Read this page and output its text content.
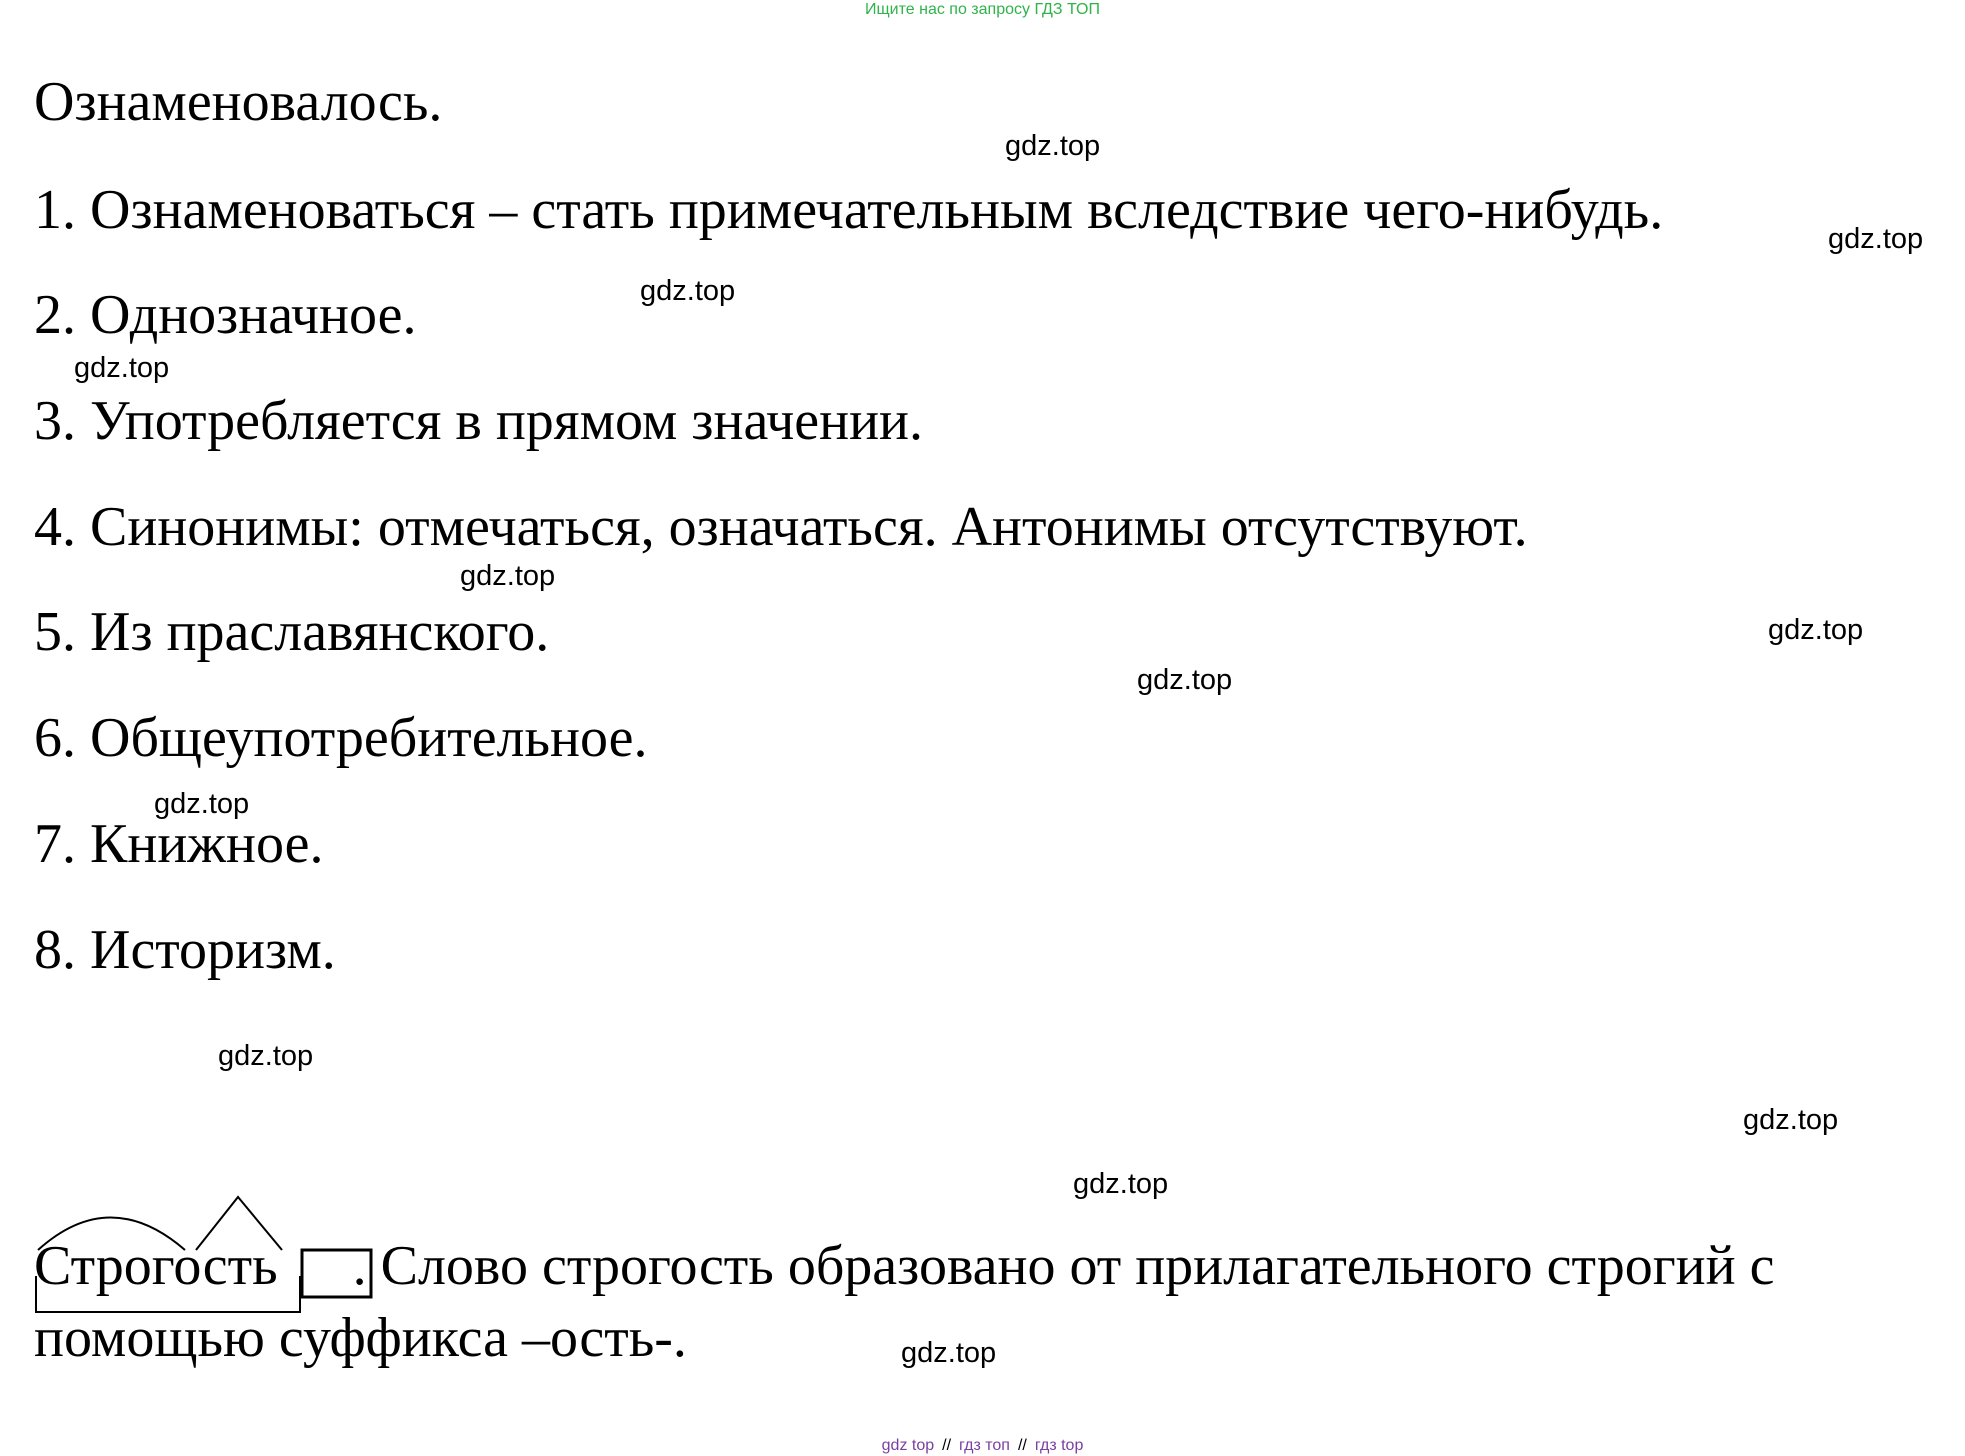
Ищите нас по запросу ГДЗ ТОП

Ознаменовалось.

1. Ознаменоваться – стать примечательным вследствие чего-нибудь.

2. Однозначное.

3. Употребляется в прямом значении.

4. Синонимы: отмечаться, означаться. Антонимы отсутствуют.

5. Из праславянского.

6. Общеупотребительное.

7. Книжное.

8. Историзм.

Строгость . Слово строгость образовано от прилагательного строгий с

помощью суффикса –ость-.

gdz.top
gdz.top
gdz.top
gdz.top
gdz.top
gdz.top
gdz.top
gdz.top
gdz.top
gdz.top
gdz.top
gdz.top
gdz top // гдз топ // гдз top
